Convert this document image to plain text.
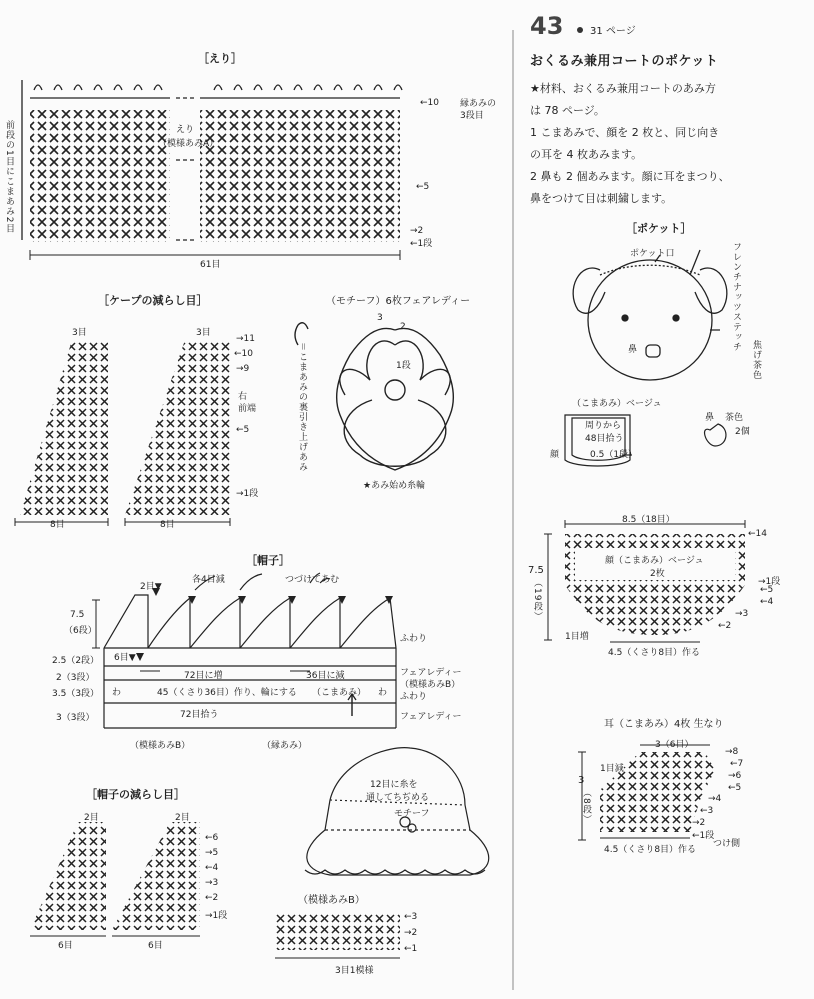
43	31 ページ
おくるみ兼用コートのポケット
★材料、おくるみ兼用コートのあみ方
は 78 ページ。
1 こまあみで、顔を 2 枚と、同じ向き
の耳を 4 枚あみます。
2 鼻も 2 個あみます。顔に耳をまつり、
鼻をつけて目は刺繍します。
［ポケット］
ポケット口	フレンチナッツステッチ
焦げ茶色
鼻
（こまあみ）ベージュ
周りから
48目拾う
顔	0.5（1段）
鼻 茶色
2個
8.5（18目）
顔（こまあみ）ベージュ
2枚
7.5
（19段）
1目増
4.5（くさり8目）作る
←14
→1段
←5
←4
→3
←2
耳（こまあみ）4枚 生なり
3（6目）
1目減
3
（8段）
4.5（くさり8目）作る
つけ側
→8
←7
→6
←5
→4
←3
→2
←1段
［えり］
えり
（模様あみA）
←10 縁あみの
3段目
←5
→2
←1段
61目
前段の1目にこまあみ2目
［ケープの減らし目］
3目	3目
8目	8目
→11
←10
→9
右
前端
←5
→1段
（モチーフ）6枚フェアレディー
3
2
1段
★あみ始め糸輪
＝こまあみの裏引き上げあみ
［帽子］
2目▼
各4目減	つづけてあむ
7.5
（6段）
6目▼
2.5（2段）
72目に増	36目に減
2（3段）
わ
3.5（3段）	45（くさり36目）作り、輪にする （こまあみ） わ
3（3段）	72目拾う
（模様あみB）	（縁あみ）
ふわり
フェアレディー
（模様あみB）
ふわり
フェアレディー
［帽子の減らし目］
2目	2目
6目	6目
←6
→5
←4
→3
←2
→1段
12目に糸を
通してちぢめる
モチーフ
（模様あみB）
←3
→2
←1
3目1模様
